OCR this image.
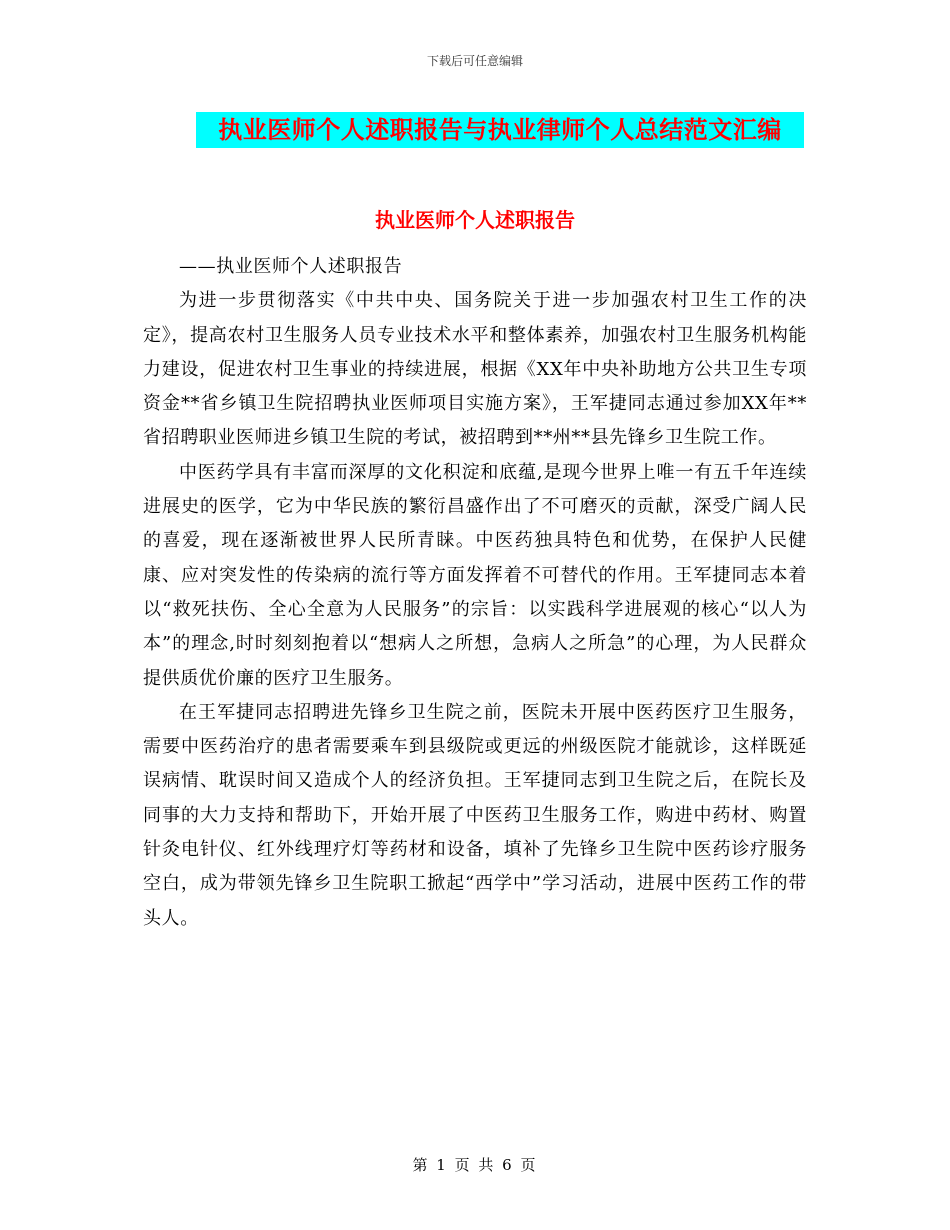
下载后可任意编辑
执业医师个人述职报告与执业律师个人总结范文汇编
执业医师个人述职报告

——执业医师个人述职报告

为进一步贯彻落实《中共中央、国务院关于进一步加强农村卫生工作的决定》，提高农村卫生服务人员专业技术水平和整体素养，加强农村卫生服务机构能力建设，促进农村卫生事业的持续进展，根据《XX年中央补助地方公共卫生专项资金**省乡镇卫生院招聘执业医师项目实施方案》，王军捷同志通过参加XX年**省招聘职业医师进乡镇卫生院的考试，被招聘到**州**县先锋乡卫生院工作。

中医药学具有丰富而深厚的文化积淀和底蕴,是现今世界上唯一有五千年连续进展史的医学，它为中华民族的繁衍昌盛作出了不可磨灭的贡献，深受广阔人民的喜爱，现在逐渐被世界人民所青睐。中医药独具特色和优势，在保护人民健康、应对突发性的传染病的流行等方面发挥着不可替代的作用。王军捷同志本着以“救死扶伤、全心全意为人民服务”的宗旨：以实践科学进展观的核心“以人为本”的理念,时时刻刻抱着以“想病人之所想，急病人之所急”的心理，为人民群众提供质优价廉的医疗卫生服务。

在王军捷同志招聘进先锋乡卫生院之前，医院未开展中医药医疗卫生服务，需要中医药治疗的患者需要乘车到县级院或更远的州级医院才能就诊，这样既延误病情、耽误时间又造成个人的经济负担。王军捷同志到卫生院之后，在院长及同事的大力支持和帮助下，开始开展了中医药卫生服务工作，购进中药材、购置针灸电针仪、红外线理疗灯等药材和设备，填补了先锋乡卫生院中医药诊疗服务空白，成为带领先锋乡卫生院职工掀起“西学中”学习活动，进展中医药工作的带头人。

第 1 页 共 6 页
